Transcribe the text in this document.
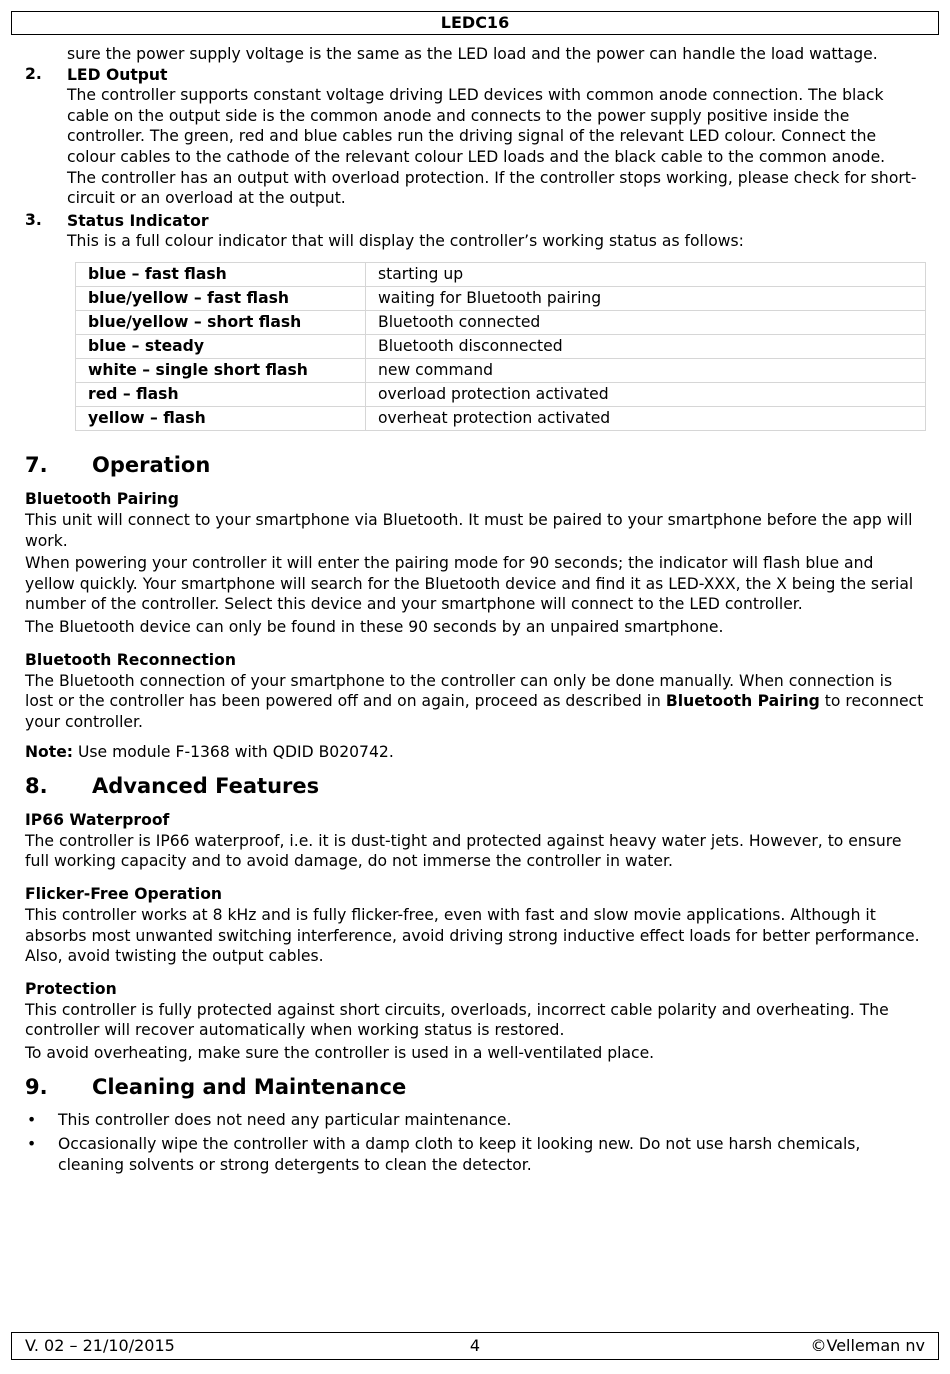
LEDC16

sure the power supply voltage is the same as the LED load and the power can handle the load wattage.

2. LED Output

The controller supports constant voltage driving LED devices with common anode connection. The black cable on the output side is the common anode and connects to the power supply positive inside the controller. The green, red and blue cables run the driving signal of the relevant LED colour. Connect the colour cables to the cathode of the relevant colour LED loads and the black cable to the common anode.

The controller has an output with overload protection. If the controller stops working, please check for short-circuit or an overload at the output.

3. Status Indicator

This is a full colour indicator that will display the controller’s working status as follows:

blue – fast flash	starting up
blue/yellow – fast flash	waiting for Bluetooth pairing
blue/yellow – short flash	Bluetooth connected
blue – steady	Bluetooth disconnected
white – single short flash	new command
red – flash	overload protection activated
yellow – flash	overheat protection activated
7. Operation
Bluetooth Pairing

This unit will connect to your smartphone via Bluetooth. It must be paired to your smartphone before the app will work.

When powering your controller it will enter the pairing mode for 90 seconds; the indicator will flash blue and yellow quickly. Your smartphone will search for the Bluetooth device and find it as LED-XXX, the X being the serial number of the controller. Select this device and your smartphone will connect to the LED controller.

The Bluetooth device can only be found in these 90 seconds by an unpaired smartphone.

Bluetooth Reconnection

The Bluetooth connection of your smartphone to the controller can only be done manually. When connection is lost or the controller has been powered off and on again, proceed as described in Bluetooth Pairing to reconnect your controller.

Note: Use module F-1368 with QDID B020742.

8. Advanced Features
IP66 Waterproof

The controller is IP66 waterproof, i.e. it is dust-tight and protected against heavy water jets. However, to ensure full working capacity and to avoid damage, do not immerse the controller in water.

Flicker-Free Operation

This controller works at 8 kHz and is fully flicker-free, even with fast and slow movie applications. Although it absorbs most unwanted switching interference, avoid driving strong inductive effect loads for better performance. Also, avoid twisting the output cables.

Protection

This controller is fully protected against short circuits, overloads, incorrect cable polarity and overheating. The controller will recover automatically when working status is restored.

To avoid overheating, make sure the controller is used in a well-ventilated place.

9. Cleaning and Maintenance
• This controller does not need any particular maintenance.
• Occasionally wipe the controller with a damp cloth to keep it looking new. Do not use harsh chemicals, cleaning solvents or strong detergents to clean the detector.
V. 02 – 21/10/2015	4	©Velleman nv
